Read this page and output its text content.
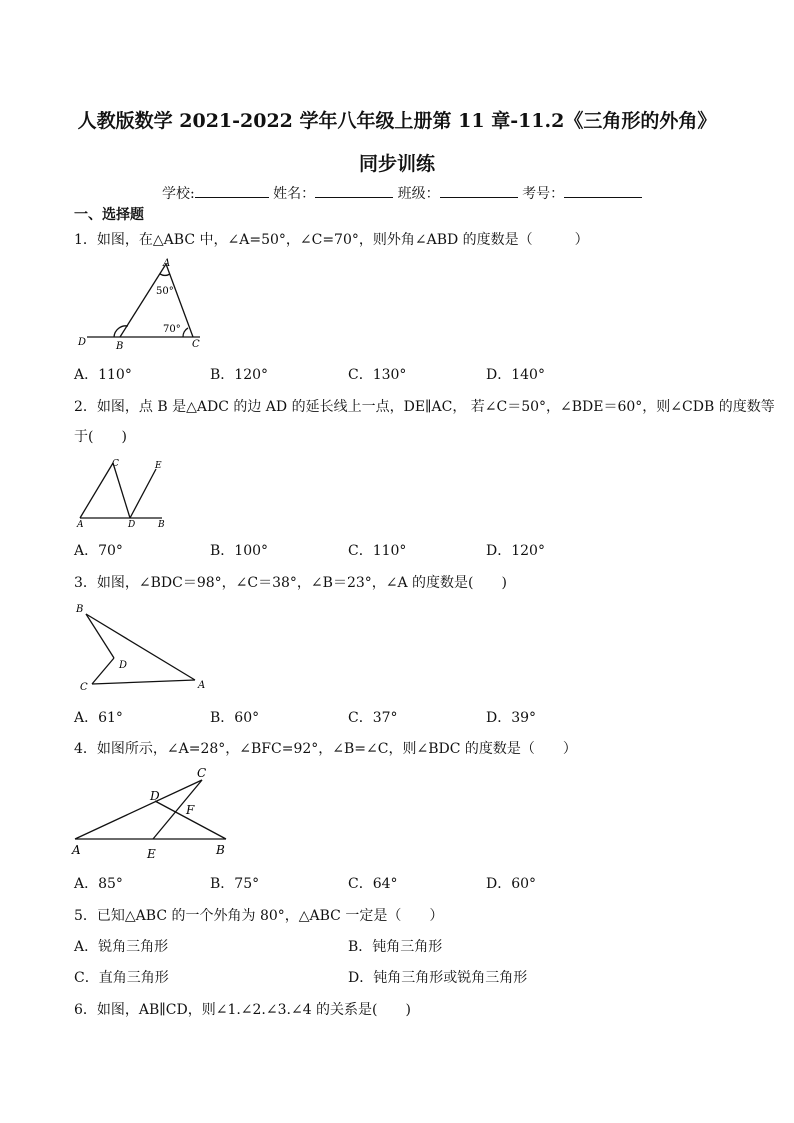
人教版数学 2021-2022 学年八年级上册第 11 章-11.2《三角形的外角》
同步训练
学校:	姓名：	班级：	考号：
一、选择题
1．如图，在△ABC 中，∠A=50°，∠C=70°，则外角∠ABD 的度数是（　　　）
A
50°
70°
D	B	C
A．110°	B．120°	C．130°	D．140°
2．如图，点 B 是△ADC 的边 AD 的延长线上一点，DE∥AC， 若∠C＝50°，∠BDE＝60°，则∠CDB 的度数等
于(　　)
C	E
A	D	B
A．70°	B．100°	C．110°	D．120°
3．如图，∠BDC＝98°，∠C＝38°，∠B＝23°，∠A 的度数是(　　)
B
D
C	A
A．61°	B．60°	C．37°	D．39°
4．如图所示，∠A=28°，∠BFC=92°，∠B=∠C，则∠BDC 的度数是（　　）
C
D
F
A	E	B
A．85°	B．75°	C．64°	D．60°
5．已知△ABC 的一个外角为 80°，△ABC 一定是（　　）
A．锐角三角形	B．钝角三角形
C．直角三角形	D．钝角三角形或锐角三角形
6．如图，AB∥CD，则∠1.∠2.∠3.∠4 的关系是(　　)
